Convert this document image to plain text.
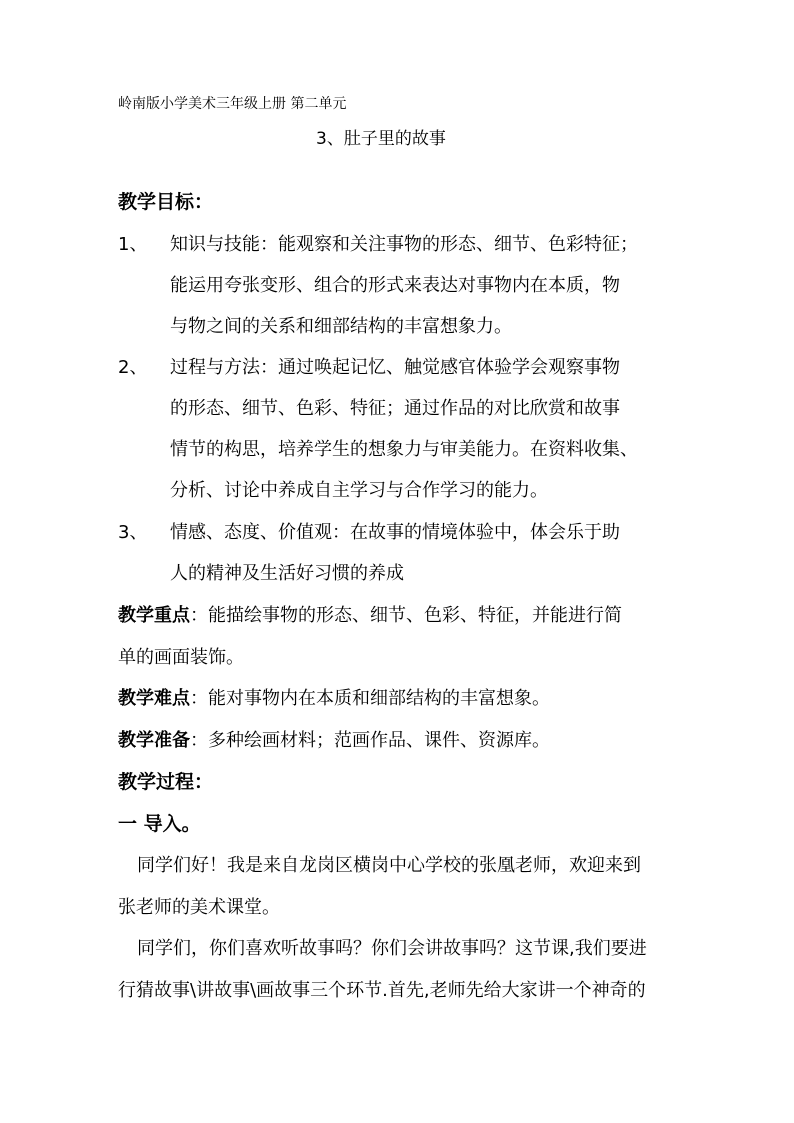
岭南版小学美术三年级上册 第二单元
3、肚子里的故事
教学目标：
1、 知识与技能：能观察和关注事物的形态、细节、色彩特征；
能运用夸张变形、组合的形式来表达对事物内在本质，物
与物之间的关系和细部结构的丰富想象力。
2、 过程与方法：通过唤起记忆、触觉感官体验学会观察事物
的形态、细节、色彩、特征；通过作品的对比欣赏和故事
情节的构思，培养学生的想象力与审美能力。在资料收集、
分析、讨论中养成自主学习与合作学习的能力。
3、 情感、态度、价值观：在故事的情境体验中，体会乐于助
人的精神及生活好习惯的养成
教学重点：能描绘事物的形态、细节、色彩、特征，并能进行简
单的画面装饰。
教学难点：能对事物内在本质和细部结构的丰富想象。
教学准备：多种绘画材料；范画作品、课件、资源库。
教学过程：
一 导入。
同学们好！我是来自龙岗区横岗中心学校的张凰老师，欢迎来到
张老师的美术课堂。
同学们，你们喜欢听故事吗？你们会讲故事吗？这节课,我们要进
行猜故事\讲故事\画故事三个环节.首先,老师先给大家讲一个神奇的
